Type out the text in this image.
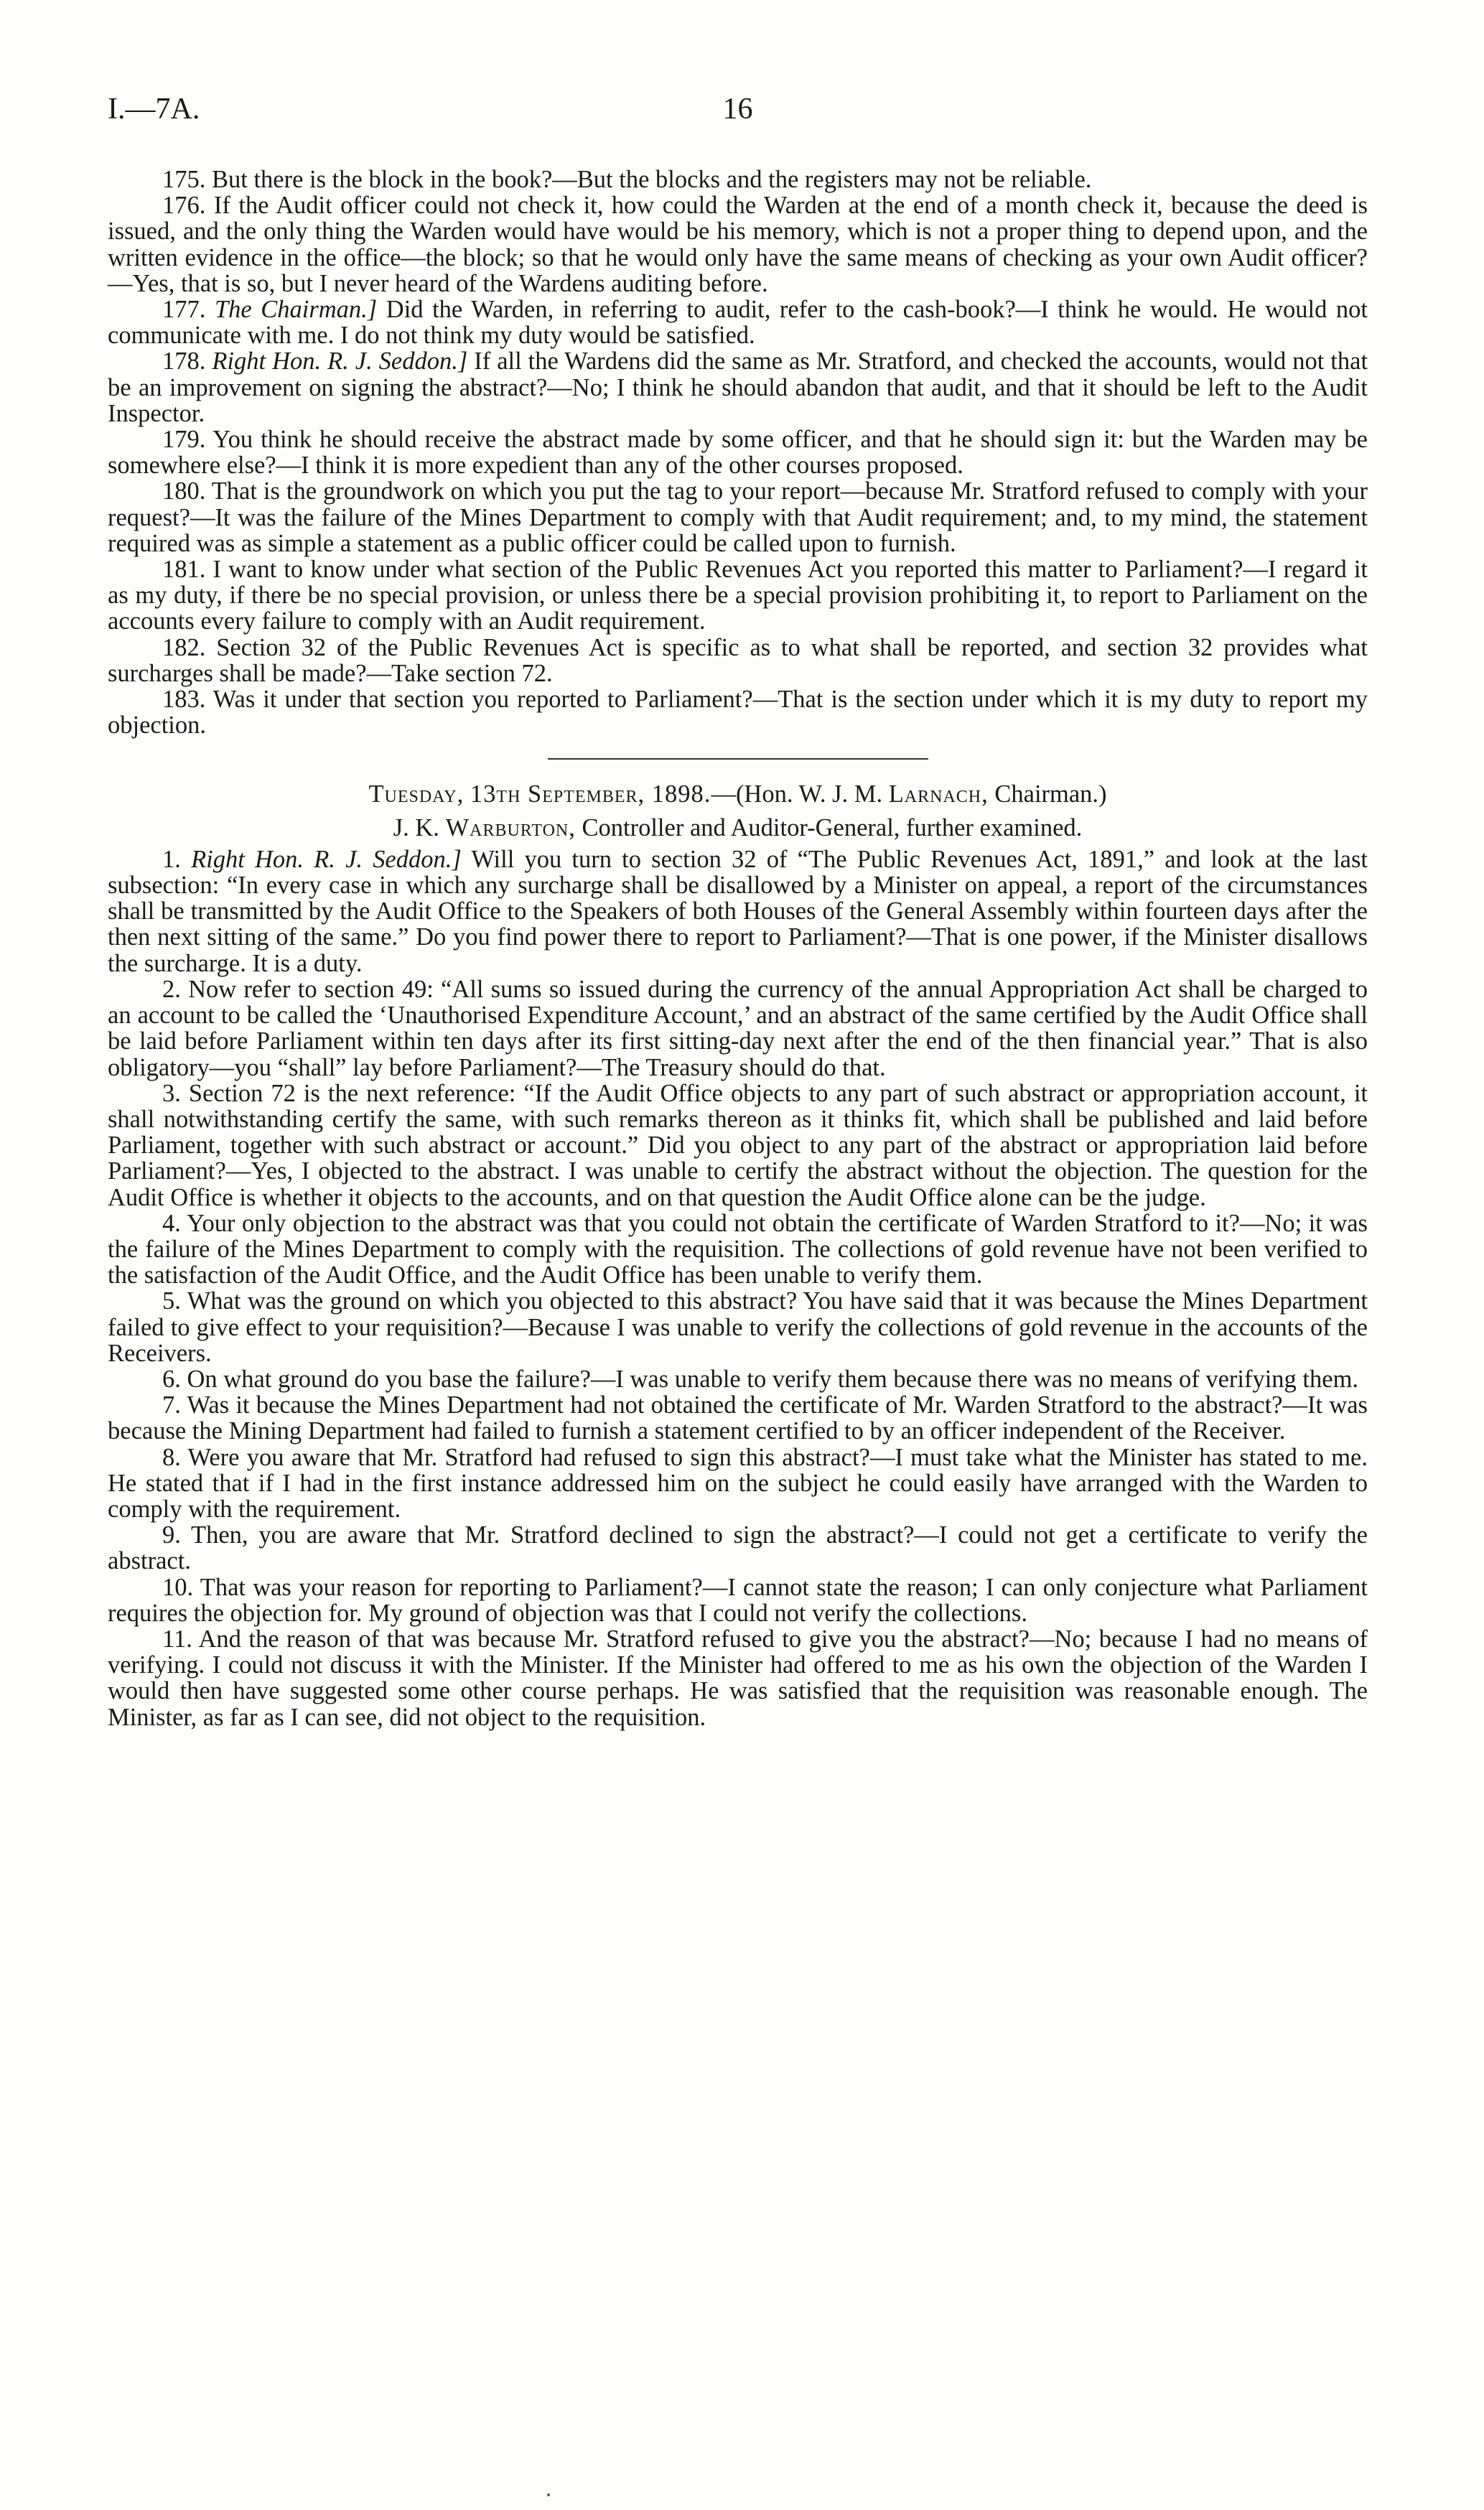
I.—7A.	16

175. But there is the block in the book?—But the blocks and the registers may not be reliable.

176. If the Audit officer could not check it, how could the Warden at the end of a month check it, because the deed is issued, and the only thing the Warden would have would be his memory, which is not a proper thing to depend upon, and the written evidence in the office—the block; so that he would only have the same means of checking as your own Audit officer?—Yes, that is so, but I never heard of the Wardens auditing before.

177. The Chairman.] Did the Warden, in referring to audit, refer to the cash-book?—I think he would. He would not communicate with me. I do not think my duty would be satisfied.

178. Right Hon. R. J. Seddon.] If all the Wardens did the same as Mr. Stratford, and checked the accounts, would not that be an improvement on signing the abstract?—No; I think he should abandon that audit, and that it should be left to the Audit Inspector.

179. You think he should receive the abstract made by some officer, and that he should sign it: but the Warden may be somewhere else?—I think it is more expedient than any of the other courses proposed.

180. That is the groundwork on which you put the tag to your report—because Mr. Stratford refused to comply with your request?—It was the failure of the Mines Department to comply with that Audit requirement; and, to my mind, the statement required was as simple a statement as a public officer could be called upon to furnish.

181. I want to know under what section of the Public Revenues Act you reported this matter to Parliament?—I regard it as my duty, if there be no special provision, or unless there be a special provision prohibiting it, to report to Parliament on the accounts every failure to comply with an Audit requirement.

182. Section 32 of the Public Revenues Act is specific as to what shall be reported, and section 32 provides what surcharges shall be made?—Take section 72.

183. Was it under that section you reported to Parliament?—That is the section under which it is my duty to report my objection.

Tuesday, 13th September, 1898.—(Hon. W. J. M. Larnach, Chairman.)

J. K. Warburton, Controller and Auditor-General, further examined.

1. Right Hon. R. J. Seddon.] Will you turn to section 32 of “The Public Revenues Act, 1891,” and look at the last subsection: “In every case in which any surcharge shall be disallowed by a Minister on appeal, a report of the circumstances shall be transmitted by the Audit Office to the Speakers of both Houses of the General Assembly within fourteen days after the then next sitting of the same.” Do you find power there to report to Parliament?—That is one power, if the Minister disallows the surcharge. It is a duty.

2. Now refer to section 49: “All sums so issued during the currency of the annual Appropriation Act shall be charged to an account to be called the ‘Unauthorised Expenditure Account,’ and an abstract of the same certified by the Audit Office shall be laid before Parliament within ten days after its first sitting-day next after the end of the then financial year.” That is also obligatory—you “shall” lay before Parliament?—The Treasury should do that.

3. Section 72 is the next reference: “If the Audit Office objects to any part of such abstract or appropriation account, it shall notwithstanding certify the same, with such remarks thereon as it thinks fit, which shall be published and laid before Parliament, together with such abstract or account.” Did you object to any part of the abstract or appropriation laid before Parliament?—Yes, I objected to the abstract. I was unable to certify the abstract without the objection. The question for the Audit Office is whether it objects to the accounts, and on that question the Audit Office alone can be the judge.

4. Your only objection to the abstract was that you could not obtain the certificate of Warden Stratford to it?—No; it was the failure of the Mines Department to comply with the requisition. The collections of gold revenue have not been verified to the satisfaction of the Audit Office, and the Audit Office has been unable to verify them.

5. What was the ground on which you objected to this abstract? You have said that it was because the Mines Department failed to give effect to your requisition?—Because I was unable to verify the collections of gold revenue in the accounts of the Receivers.

6. On what ground do you base the failure?—I was unable to verify them because there was no means of verifying them.

7. Was it because the Mines Department had not obtained the certificate of Mr. Warden Stratford to the abstract?—It was because the Mining Department had failed to furnish a statement certified to by an officer independent of the Receiver.

8. Were you aware that Mr. Stratford had refused to sign this abstract?—I must take what the Minister has stated to me. He stated that if I had in the first instance addressed him on the subject he could easily have arranged with the Warden to comply with the requirement.

9. Then, you are aware that Mr. Stratford declined to sign the abstract?—I could not get a certificate to verify the abstract.

10. That was your reason for reporting to Parliament?—I cannot state the reason; I can only conjecture what Parliament requires the objection for. My ground of objection was that I could not verify the collections.

11. And the reason of that was because Mr. Stratford refused to give you the abstract?—No; because I had no means of verifying. I could not discuss it with the Minister. If the Minister had offered to me as his own the objection of the Warden I would then have suggested some other course perhaps. He was satisfied that the requisition was reasonable enough. The Minister, as far as I can see, did not object to the requisition.
